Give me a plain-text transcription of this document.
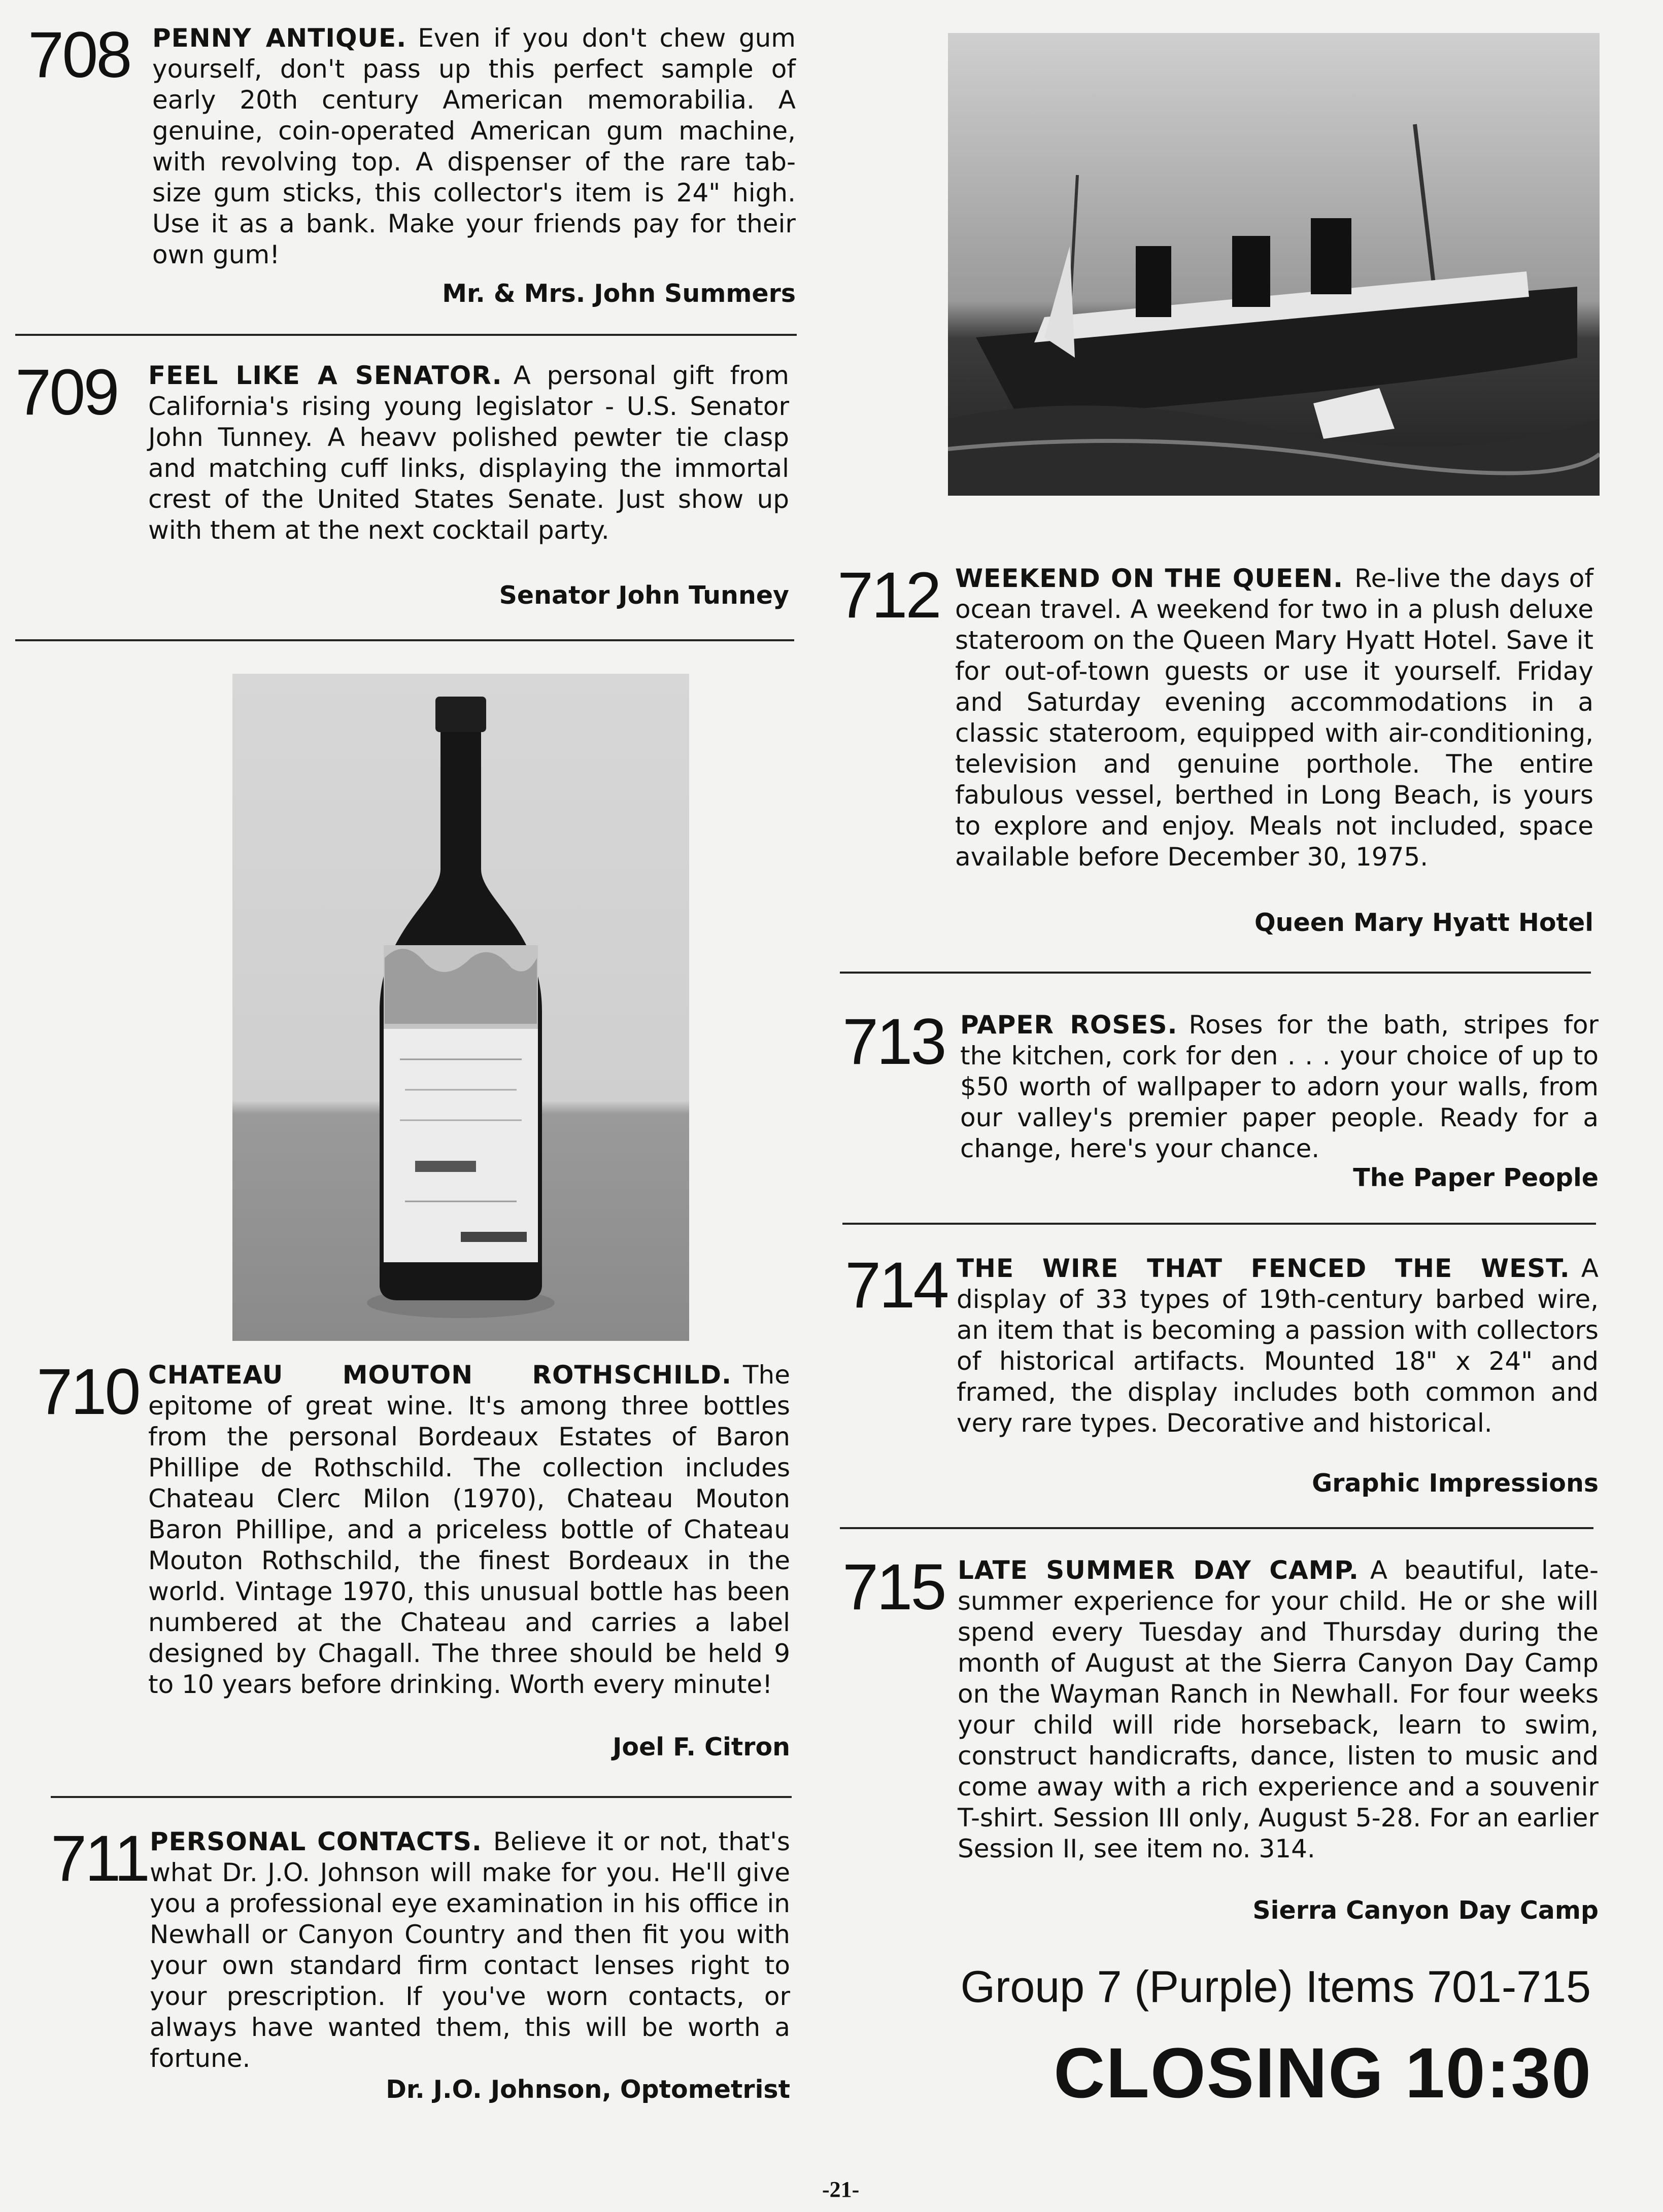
708 PENNY ANTIQUE. Even if you don't chew gum yourself, don't pass up this perfect sample of early 20th century American memorabilia. A genuine, coin-operated American gum machine, with revolving top. A dispenser of the rare tab-size gum sticks, this collector's item is 24" high. Use it as a bank. Make your friends pay for their own gum!
Mr. & Mrs. John Summers
709 FEEL LIKE A SENATOR. A personal gift from California's rising young legislator - U.S. Senator John Tunney. A heavv polished pewter tie clasp and matching cuff links, displaying the immortal crest of the United States Senate. Just show up with them at the next cocktail party.
Senator John Tunney
710 CHATEAU MOUTON ROTHSCHILD. The epitome of great wine. It's among three bottles from the personal Bordeaux Estates of Baron Phillipe de Rothschild. The collection includes Chateau Clerc Milon (1970), Chateau Mouton Baron Phillipe, and a priceless bottle of Chateau Mouton Rothschild, the finest Bordeaux in the world. Vintage 1970, this unusual bottle has been numbered at the Chateau and carries a label designed by Chagall. The three should be held 9 to 10 years before drinking. Worth every minute!
Joel F. Citron
711 PERSONAL CONTACTS. Believe it or not, that's what Dr. J.O. Johnson will make for you. He'll give you a professional eye examination in his office in Newhall or Canyon Country and then fit you with your own standard firm contact lenses right to your prescription. If you've worn contacts, or always have wanted them, this will be worth a fortune.
Dr. J.O. Johnson, Optometrist
712 WEEKEND ON THE QUEEN. Re-live the days of ocean travel. A weekend for two in a plush deluxe stateroom on the Queen Mary Hyatt Hotel. Save it for out-of-town guests or use it yourself. Friday and Saturday evening accommodations in a classic stateroom, equipped with air-conditioning, television and genuine porthole. The entire fabulous vessel, berthed in Long Beach, is yours to explore and enjoy. Meals not included, space available before December 30, 1975.
Queen Mary Hyatt Hotel
713 PAPER ROSES. Roses for the bath, stripes for the kitchen, cork for den . . . your choice of up to $50 worth of wallpaper to adorn your walls, from our valley's premier paper people. Ready for a change, here's your chance.
The Paper People
714 THE WIRE THAT FENCED THE WEST. A display of 33 types of 19th-century barbed wire, an item that is becoming a passion with collectors of historical artifacts. Mounted 18" x 24" and framed, the display includes both common and very rare types. Decorative and historical.
Graphic Impressions
715 LATE SUMMER DAY CAMP. A beautiful, late-summer experience for your child. He or she will spend every Tuesday and Thursday during the month of August at the Sierra Canyon Day Camp on the Wayman Ranch in Newhall. For four weeks your child will ride horseback, learn to swim, construct handicrafts, dance, listen to music and come away with a rich experience and a souvenir T-shirt. Session III only, August 5-28. For an earlier Session II, see item no. 314.
Sierra Canyon Day Camp
Group 7 (Purple) Items 701-715
CLOSING 10:30
-21-
